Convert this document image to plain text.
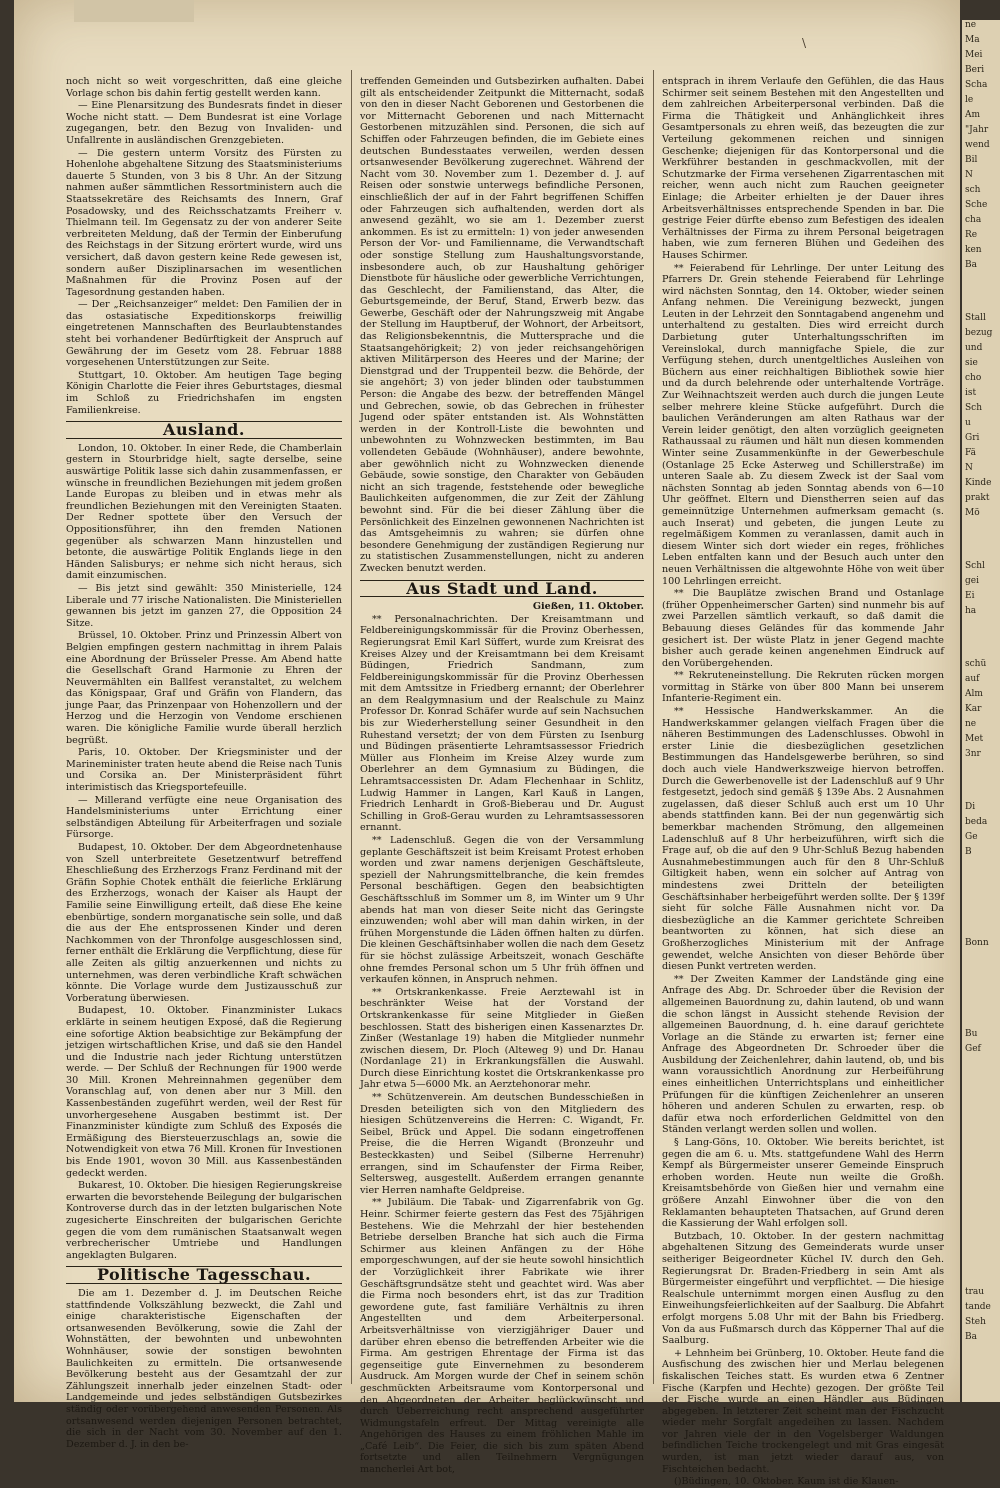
\

noch nicht so weit vorgeschritten, daß eine gleiche Vorlage schon bis dahin fertig gestellt werden kann.

— Eine Plenarsitzung des Bundesrats findet in dieser Woche nicht statt. — Dem Bundesrat ist eine Vorlage zugegangen, betr. den Bezug von Invaliden- und Unfallrente in ausländischen Grenzgebieten.

— Die gestern unterm Vorsitz des Fürsten zu Hohenlohe abgehaltene Sitzung des Staatsministeriums dauerte 5 Stunden, von 3 bis 8 Uhr. An der Sitzung nahmen außer sämmtlichen Ressortministern auch die Staatssekretäre des Reichsamts des Innern, Graf Posadowsky, und des Reichsschatzamts Freiherr v. Thielmann teil. Im Gegensatz zu der von anderer Seite verbreiteten Meldung, daß der Termin der Einberufung des Reichstags in der Sitzung erörtert wurde, wird uns versichert, daß davon gestern keine Rede gewesen ist, sondern außer Disziplinarsachen im wesentlichen Maßnahmen für die Provinz Posen auf der Tagesordnung gestanden haben.

— Der „Reichsanzeiger“ meldet: Den Familien der in das ostasiatische Expeditionskorps freiwillig eingetretenen Mannschaften des Beurlaubtenstandes steht bei vorhandener Bedürftigkeit der Anspruch auf Gewährung der im Gesetz vom 28. Februar 1888 vorgesehenen Unterstützungen zur Seite.

Stuttgart, 10. Oktober. Am heutigen Tage beging Königin Charlotte die Feier ihres Geburtstages, diesmal im Schloß zu Friedrichshafen im engsten Familienkreise.

Ausland.

London, 10. Oktober. In einer Rede, die Chamberlain gestern in Stourbridge hielt, sagte derselbe, seine auswärtige Politik lasse sich dahin zusammenfassen, er wünsche in freundlichen Beziehungen mit jedem großen Lande Europas zu bleiben und in etwas mehr als freundlichen Beziehungen mit den Vereinigten Staaten. Der Redner spottete über den Versuch der Oppositionsführer, ihn den fremden Nationen gegenüber als schwarzen Mann hinzustellen und betonte, die auswärtige Politik Englands liege in den Händen Salisburys; er nehme sich nicht heraus, sich damit einzumischen.

— Bis jetzt sind gewählt: 350 Ministerielle, 124 Liberale und 77 irische Nationalisten. Die Ministeriellen gewannen bis jetzt im ganzen 27, die Opposition 24 Sitze.

Brüssel, 10. Oktober. Prinz und Prinzessin Albert von Belgien empfingen gestern nachmittag in ihrem Palais eine Abordnung der Brüsseler Presse. Am Abend hatte die Gesellschaft Grand Harmonie zu Ehren der Neuvermählten ein Ballfest veranstaltet, zu welchem das Königspaar, Graf und Gräfin von Flandern, das junge Paar, das Prinzenpaar von Hohenzollern und der Herzog und die Herzogin von Vendome erschienen waren. Die königliche Familie wurde überall herzlich begrüßt.

Paris, 10. Oktober. Der Kriegsminister und der Marineminister traten heute abend die Reise nach Tunis und Corsika an. Der Ministerpräsident führt interimistisch das Kriegsportefeuille.

— Millerand verfügte eine neue Organisation des Handelsministeriums unter Errichtung einer selbständigen Abteilung für Arbeiterfragen und soziale Fürsorge.

Budapest, 10. Oktober. Der dem Abgeordnetenhause von Szell unterbreitete Gesetzentwurf betreffend Eheschließung des Erzherzogs Franz Ferdinand mit der Gräfin Sophie Chotek enthält die feierliche Erklärung des Erzherzogs, wonach der Kaiser als Haupt der Familie seine Einwilligung erteilt, daß diese Ehe keine ebenbürtige, sondern morganatische sein solle, und daß die aus der Ehe entsprossenen Kinder und deren Nachkommen von der Thronfolge ausgeschlossen sind, ferner enthält die Erklärung die Verpflichtung, diese für alle Zeiten als giltig anzuerkennen und nichts zu unternehmen, was deren verbindliche Kraft schwächen könnte. Die Vorlage wurde dem Justizausschuß zur Vorberatung überwiesen.

Budapest, 10. Oktober. Finanzminister Lukacs erklärte in seinem heutigen Exposé, daß die Regierung eine sofortige Aktion beabsichtige zur Bekämpfung der jetzigen wirtschaftlichen Krise, und daß sie den Handel und die Industrie nach jeder Richtung unterstützen werde. — Der Schluß der Rechnungen für 1900 werde 30 Mill. Kronen Mehreinnahmen gegenüber dem Voranschlag auf, von denen aber nur 3 Mill. den Kassenbeständen zugeführt werden, weil der Rest für unvorhergesehene Ausgaben bestimmt ist. Der Finanzminister kündigte zum Schluß des Exposés die Ermäßigung des Biersteuerzuschlags an, sowie die Notwendigkeit von etwa 76 Mill. Kronen für Investionen bis Ende 1901, wovon 30 Mill. aus Kassenbeständen gedeckt werden.

Bukarest, 10. Oktober. Die hiesigen Regierungskreise erwarten die bevorstehende Beilegung der bulgarischen Kontroverse durch das in der letzten bulgarischen Note zugesicherte Einschreiten der bulgarischen Gerichte gegen die vom dem rumänischen Staatsanwalt wegen verbrecherischer Umtriebe und Handlungen angeklagten Bulgaren.

Politische Tagesschau.

Die am 1. Dezember d. J. im Deutschen Reiche stattfindende Volkszählung bezweckt, die Zahl und einige charakteristische Eigenschaften der ortsanwesenden Bevölkerung, sowie die Zahl der Wohnstätten, der bewohnten und unbewohnten Wohnhäuser, sowie der sonstigen bewohnten Baulichkeiten zu ermitteln. Die ortsanwesende Bevölkerung besteht aus der Gesamtzahl der zur Zählungszeit innerhalb jeder einzelnen Stadt- oder Landgemeinde und jedes selbständigen Gutsbezirkes ständig oder vorübergehend anwesenden Personen. Als ortsanwesend werden diejenigen Personen betrachtet, die sich in der Nacht vom 30. November auf den 1. Dezember d. J. in den be-

treffenden Gemeinden und Gutsbezirken aufhalten. Dabei gilt als entscheidender Zeitpunkt die Mitternacht, sodaß von den in dieser Nacht Geborenen und Gestorbenen die vor Mitternacht Geborenen und nach Mitternacht Gestorbenen mitzuzählen sind. Personen, die sich auf Schiffen oder Fahrzeugen befinden, die im Gebiete eines deutschen Bundesstaates verweilen, werden dessen ortsanwesender Bevölkerung zugerechnet. Während der Nacht vom 30. November zum 1. Dezember d. J. auf Reisen oder sonstwie unterwegs befindliche Personen, einschließlich der auf in der Fahrt begriffenen Schiffen oder Fahrzeugen sich aufhaltenden, werden dort als anwesend gezählt, wo sie am 1. Dezember zuerst ankommen. Es ist zu ermitteln: 1) von jeder anwesenden Person der Vor- und Familienname, die Verwandtschaft oder sonstige Stellung zum Haushaltungsvorstande, insbesondere auch, ob zur Haushaltung gehöriger Dienstbote für häusliche oder gewerbliche Verrichtungen, das Geschlecht, der Familienstand, das Alter, die Geburtsgemeinde, der Beruf, Stand, Erwerb bezw. das Gewerbe, Geschäft oder der Nahrungszweig mit Angabe der Stellung im Hauptberuf, der Wohnort, der Arbeitsort, das Religionsbekenntnis, die Muttersprache und die Staatsangehörigkeit; 2) von jeder reichsangehörigen aktiven Militärperson des Heeres und der Marine; der Dienstgrad und der Truppenteil bezw. die Behörde, der sie angehört; 3) von jeder blinden oder taubstummen Person: die Angabe des bezw. der betreffenden Mängel und Gebrechen, sowie, ob das Gebrechen in frühester Jugend oder später entstanden ist. Als Wohnstätten werden in der Kontroll-Liste die bewohnten und unbewohnten zu Wohnzwecken bestimmten, im Bau vollendeten Gebäude (Wohnhäuser), andere bewohnte, aber gewöhnlich nicht zu Wohnzwecken dienende Gebäude, sowie sonstige, den Charakter von Gebäuden nicht an sich tragende, feststehende oder bewegliche Baulichkeiten aufgenommen, die zur Zeit der Zählung bewohnt sind. Für die bei dieser Zählung über die Persönlichkeit des Einzelnen gewonnenen Nachrichten ist das Amtsgeheimnis zu wahren; sie dürfen ohne besondere Genehmigung der zuständigen Regierung nur zu statistischen Zusammenstellungen, nicht zu anderen Zwecken benutzt werden.

Aus Stadt und Land.

Gießen, 11. Oktober.

** Personalnachrichten. Der Kreisamtmann und Feldbereinigungskommissär für die Provinz Oberhessen, Regierungsrat Emil Karl Süffert, wurde zum Kreisrat des Kreises Alzey und der Kreisamtmann bei dem Kreisamt Büdingen, Friedrich Sandmann, zum Feldbereinigungskommissär für die Provinz Oberhessen mit dem Amtssitze in Friedberg ernannt; der Oberlehrer an dem Realgymnasium und der Realschule zu Mainz Professor Dr. Konrad Schäfer wurde auf sein Nachsuchen bis zur Wiederherstellung seiner Gesundheit in den Ruhestand versetzt; der von dem Fürsten zu Isenburg und Büdingen präsentierte Lehramtsassessor Friedrich Müller aus Flonheim im Kreise Alzey wurde zum Oberlehrer an dem Gymnasium zu Büdingen, die Lehramtsaccessisten Dr. Adam Flechenhaar in Schlitz, Ludwig Hammer in Langen, Karl Kauß in Langen, Friedrich Lenhardt in Groß-Bieberau und Dr. August Schilling in Groß-Gerau wurden zu Lehramtsassessoren ernannt.

** Ladenschluß. Gegen die von der Versammlung geplante Geschäftszeit ist beim Kreisamt Protest erhoben worden und zwar namens derjenigen Geschäftsleute, speziell der Nahrungsmittelbranche, die kein fremdes Personal beschäftigen. Gegen den beabsichtigten Geschäftsschluß im Sommer um 8, im Winter um 9 Uhr abends hat man von dieser Seite nicht das Geringste einzuwenden; wohl aber will man dahin wirken, in der frühen Morgenstunde die Läden öffnen halten zu dürfen. Die kleinen Geschäftsinhaber wollen die nach dem Gesetz für sie höchst zulässige Arbeitszeit, wonach Geschäfte ohne fremdes Personal schon um 5 Uhr früh öffnen und verkaufen können, in Anspruch nehmen.

** Ortskrankenkasse. Freie Aerztewahl ist in beschränkter Weise hat der Vorstand der Ortskrankenkasse für seine Mitglieder in Gießen beschlossen. Statt des bisherigen einen Kassenarztes Dr. Zinßer (Westanlage 19) haben die Mitglieder nunmehr zwischen diesem, Dr. Ploch (Alteweg 9) und Dr. Hanau (Nordanlage 21) in Erkrankungsfällen die Auswahl. Durch diese Einrichtung kostet die Ortskrankenkasse pro Jahr etwa 5—6000 Mk. an Aerztehonorar mehr.

** Schützenverein. Am deutschen Bundesschießen in Dresden beteiligten sich von den Mitgliedern des hiesigen Schützenvereins die Herren: C. Wigandt, Fr. Seibel, Brück und Appel. Die sodann eingetroffenen Preise, die die Herren Wigandt (Bronzeuhr und Besteckkasten) und Seibel (Silberne Herrenuhr) errangen, sind im Schaufenster der Firma Reiber, Seltersweg, ausgestellt. Außerdem errangen genannte vier Herren namhafte Geldpreise.

** Jubiläum. Die Tabak- und Zigarrenfabrik von Gg. Heinr. Schirmer feierte gestern das Fest des 75jährigen Bestehens. Wie die Mehrzahl der hier bestehenden Betriebe derselben Branche hat sich auch die Firma Schirmer aus kleinen Anfängen zu der Höhe emporgeschwungen, auf der sie heute sowohl hinsichtlich der Vorzüglichkeit ihrer Fabrikate wie ihrer Geschäftsgrundsätze steht und geachtet wird. Was aber die Firma noch besonders ehrt, ist das zur Tradition gewordene gute, fast familiäre Verhältnis zu ihren Angestellten und dem Arbeiterpersonal. Arbeitsverhältnisse von vierzigjähriger Dauer und darüber ehren ebenso die betreffenden Arbeiter wie die Firma. Am gestrigen Ehrentage der Firma ist das gegenseitige gute Einvernehmen zu besonderem Ausdruck. Am Morgen wurde der Chef in seinem schön geschmückten Arbeitsraume vom Kontorpersonal und den Abgeordneten der Arbeiter beglückwünscht und durch Ueberreichung recht ansprechend ausgeführter Widmungstafeln erfreut. Der Mittag vereinigte alle Angehörigen des Hauses zu einem fröhlichen Mahle im „Café Leib“. Die Feier, die sich bis zum späten Abend fortsetzte und allen Teilnehmern Vergnügungen mancherlei Art bot,

entsprach in ihrem Verlaufe den Gefühlen, die das Haus Schirmer seit seinem Bestehen mit den Angestellten und dem zahlreichen Arbeiterpersonal verbinden. Daß die Firma die Thätigkeit und Anhänglichkeit ihres Gesamtpersonals zu ehren weiß, das bezeugten die zur Verteilung gekommenen reichen und sinnigen Geschenke; diejenigen für das Kontorpersonal und die Werkführer bestanden in geschmackvollen, mit der Schutzmarke der Firma versehenen Zigarrentaschen mit reicher, wenn auch nicht zum Rauchen geeigneter Einlage; die Arbeiter erhielten je der Dauer ihres Arbeitsverhältnisses entsprechende Spenden in bar. Die gestrige Feier dürfte ebenso zum Befestigen des idealen Verhältnisses der Firma zu ihrem Personal beigetragen haben, wie zum ferneren Blühen und Gedeihen des Hauses Schirmer.

** Feierabend für Lehrlinge. Der unter Leitung des Pfarrers Dr. Grein stehende Feierabend für Lehrlinge wird nächsten Sonntag, den 14. Oktober, wieder seinen Anfang nehmen. Die Vereinigung bezweckt, jungen Leuten in der Lehrzeit den Sonntagabend angenehm und unterhaltend zu gestalten. Dies wird erreicht durch Darbietung guter Unterhaltungsschriften im Vereinslokal, durch mannigfache Spiele, die zur Verfügung stehen, durch unentgeltliches Ausleihen von Büchern aus einer reichhaltigen Bibliothek sowie hier und da durch belehrende oder unterhaltende Vorträge. Zur Weihnachtszeit werden auch durch die jungen Leute selber mehrere kleine Stücke aufgeführt. Durch die baulichen Veränderungen am alten Rathaus war der Verein leider genötigt, den alten vorzüglich geeigneten Rathaussaal zu räumen und hält nun diesen kommenden Winter seine Zusammenkünfte in der Gewerbeschule (Ostanlage 25 Ecke Asterweg und Schillerstraße) im unteren Saale ab. Zu diesem Zweck ist der Saal vom nächsten Sonntag ab jeden Sonntag abends von 6—10 Uhr geöffnet. Eltern und Dienstherren seien auf das gemeinnützige Unternehmen aufmerksam gemacht (s. auch Inserat) und gebeten, die jungen Leute zu regelmäßigem Kommen zu veranlassen, damit auch in diesem Winter sich dort wieder ein reges, fröhliches Leben entfalten kann und der Besuch auch unter den neuen Verhältnissen die altgewohnte Höhe von weit über 100 Lehrlingen erreicht.

** Die Bauplätze zwischen Brand und Ostanlage (früher Oppenheimerscher Garten) sind nunmehr bis auf zwei Parzellen sämtlich verkauft, so daß damit die Bebauung dieses Geländes für das kommende Jahr gesichert ist. Der wüste Platz in jener Gegend machte bisher auch gerade keinen angenehmen Eindruck auf den Vorübergehenden.

** Rekruteneinstellung. Die Rekruten rücken morgen vormittag in Stärke von über 800 Mann bei unserem Infanterie-Regiment ein.

** Hessische Handwerkskammer. An die Handwerkskammer gelangen vielfach Fragen über die näheren Bestimmungen des Ladenschlusses. Obwohl in erster Linie die diesbezüglichen gesetzlichen Bestimmungen das Handelsgewerbe berühren, so sind doch auch viele Handwerkszweige hiervon betroffen. Durch die Gewerbenovelle ist der Ladenschluß auf 9 Uhr festgesetzt, jedoch sind gemäß § 139e Abs. 2 Ausnahmen zugelassen, daß dieser Schluß auch erst um 10 Uhr abends stattfinden kann. Bei der nun gegenwärtig sich bemerkbar machenden Strömung, den allgemeinen Ladenschluß auf 8 Uhr herbeizuführen, wirft sich die Frage auf, ob die auf den 9 Uhr-Schluß Bezug habenden Ausnahmebestimmungen auch für den 8 Uhr-Schluß Giltigkeit haben, wenn ein solcher auf Antrag von mindestens zwei Dritteln der beteiligten Geschäftsinhaber herbeigeführt werden sollte. Der § 139f sieht für solche Fälle Ausnahmen nicht vor. Da diesbezügliche an die Kammer gerichtete Schreiben beantworten zu können, hat sich diese an Großherzogliches Ministerium mit der Anfrage gewendet, welche Ansichten von dieser Behörde über diesen Punkt vertreten werden.

** Der Zweiten Kammer der Landstände ging eine Anfrage des Abg. Dr. Schroeder über die Revision der allgemeinen Bauordnung zu, dahin lautend, ob und wann die schon längst in Aussicht stehende Revision der allgemeinen Bauordnung, d. h. eine darauf gerichtete Vorlage an die Stände zu erwarten ist; ferner eine Anfrage des Abgeordneten Dr. Schroeder über die Ausbildung der Zeichenlehrer, dahin lautend, ob, und bis wann voraussichtlich Anordnung zur Herbeiführung eines einheitlichen Unterrichtsplans und einheitlicher Prüfungen für die künftigen Zeichenlehrer an unseren höheren und anderen Schulen zu erwarten, resp. ob dafür etwa noch erforderlichen Geldmittel von den Ständen verlangt werden sollen und wollen.

§ Lang-Göns, 10. Oktober. Wie bereits berichtet, ist gegen die am 6. u. Mts. stattgefundene Wahl des Herrn Kempf als Bürgermeister unserer Gemeinde Einspruch erhoben worden. Heute nun weilte die Großh. Kreisamtsbehörde von Gießen hier und vernahm eine größere Anzahl Einwohner über die von den Reklamanten behaupteten Thatsachen, auf Grund deren die Kassierung der Wahl erfolgen soll.

Butzbach, 10. Oktober. In der gestern nachmittag abgehaltenen Sitzung des Gemeinderats wurde unser seitheriger Beigeordneter Küchel IV. durch den Geh. Regierungsrat Dr. Braden-Friedberg in sein Amt als Bürgermeister eingeführt und verpflichtet. — Die hiesige Realschule unternimmt morgen einen Ausflug zu den Einweihungsfeierlichkeiten auf der Saalburg. Die Abfahrt erfolgt morgens 5.08 Uhr mit der Bahn bis Friedberg. Von da aus Fußmarsch durch das Köpperner Thal auf die Saalburg.

+ Lehnheim bei Grünberg, 10. Oktober. Heute fand die Ausfischung des zwischen hier und Merlau belegenen fiskalischen Teiches statt. Es wurden etwa 6 Zentner Fische (Karpfen und Hechte) gezogen. Der größte Teil der Fische wurde an einen Händler aus Büdingen abgegeben. In letzterer Zeit scheint man der Fischzucht wieder mehr Sorgfalt angedeihen zu lassen. Nachdem vor Jahren viele der in den Vogelsberger Waldungen befindlichen Teiche trockengelegt und mit Gras eingesät wurden, ist man jetzt wieder darauf aus, von Fischteichen bedacht.

()Büdingen, 10. Oktober. Kaum ist die Klauen-

ne
Ma
Mei
Beri
Scha
le
Am
"Jahr
wend
Bil
N
sch
Sche
cha
Re
ken
Ba
Stall
bezug
und
sie
cho
ist
Sch
u
Gri
Fä
N
Kinde
prakt
Mö
Schl
gei
Ei
ha
schü
auf
Alm
Kar
ne
Met
3nr
Di
beda
Ge
B
Bonn
Bu
Gef
trau
tande
Steh
Ba
